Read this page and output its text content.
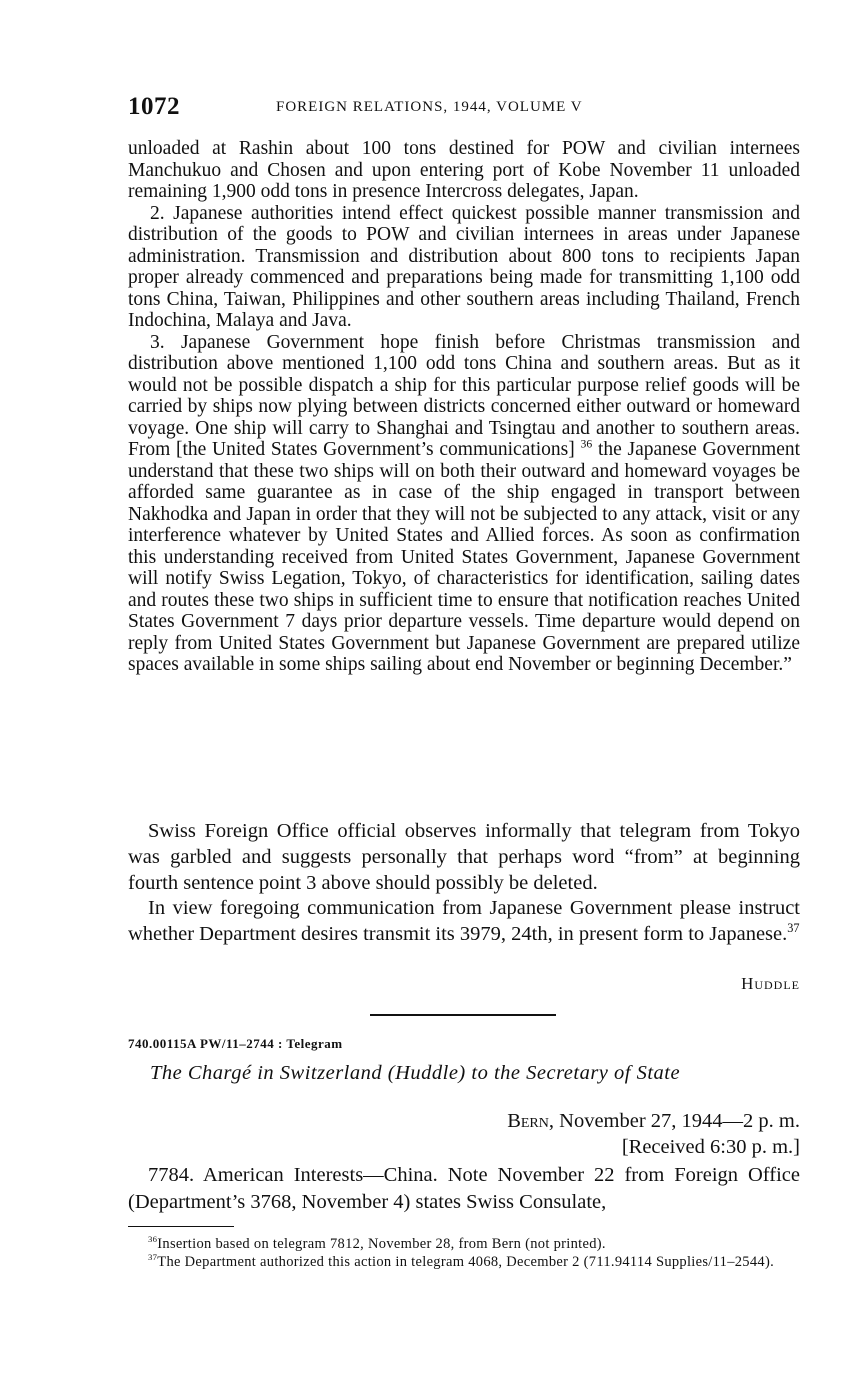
1072	FOREIGN RELATIONS, 1944, VOLUME V

unloaded at Rashin about 100 tons destined for POW and civilian internees Manchukuo and Chosen and upon entering port of Kobe November 11 unloaded remaining 1,900 odd tons in presence Intercross delegates, Japan.

2. Japanese authorities intend effect quickest possible manner transmission and distribution of the goods to POW and civilian internees in areas under Japanese administration. Transmission and distribution about 800 tons to recipients Japan proper already commenced and preparations being made for transmitting 1,100 odd tons China, Taiwan, Philippines and other southern areas including Thailand, French Indochina, Malaya and Java.

3. Japanese Government hope finish before Christmas transmission and distribution above mentioned 1,100 odd tons China and southern areas. But as it would not be possible dispatch a ship for this particular purpose relief goods will be carried by ships now plying between districts concerned either outward or homeward voyage. One ship will carry to Shanghai and Tsingtau and another to southern areas. From [the United States Government’s communications] $^{36}$ the Japanese Government understand that these two ships will on both their outward and homeward voyages be afforded same guarantee as in case of the ship engaged in transport between Nakhodka and Japan in order that they will not be subjected to any attack, visit or any interference whatever by United States and Allied forces. As soon as confirmation this understanding received from United States Government, Japanese Government will notify Swiss Legation, Tokyo, of characteristics for identification, sailing dates and routes these two ships in sufficient time to ensure that notification reaches United States Government 7 days prior departure vessels. Time departure would depend on reply from United States Government but Japanese Government are prepared utilize spaces available in some ships sailing about end November or beginning December.”

Swiss Foreign Office official observes informally that telegram from Tokyo was garbled and suggests personally that perhaps word “from” at beginning fourth sentence point 3 above should possibly be deleted.

In view foregoing communication from Japanese Government please instruct whether Department desires transmit its 3979, 24th, in present form to Japanese.$^{37}$

Huddle
740.00115A PW/11–2744 : Telegram
The Chargé in Switzerland (Huddle) to the Secretary of State
Bern, November 27, 1944—2 p. m.
[Received 6:30 p. m.]
7784. American Interests—China. Note November 22 from Foreign Office (Department’s 3768, November 4) states Swiss Consulate,

$^{36}$Insertion based on telegram 7812, November 28, from Bern (not printed).

$^{37}$The Department authorized this action in telegram 4068, December 2 (711.94114 Supplies/11–2544).
